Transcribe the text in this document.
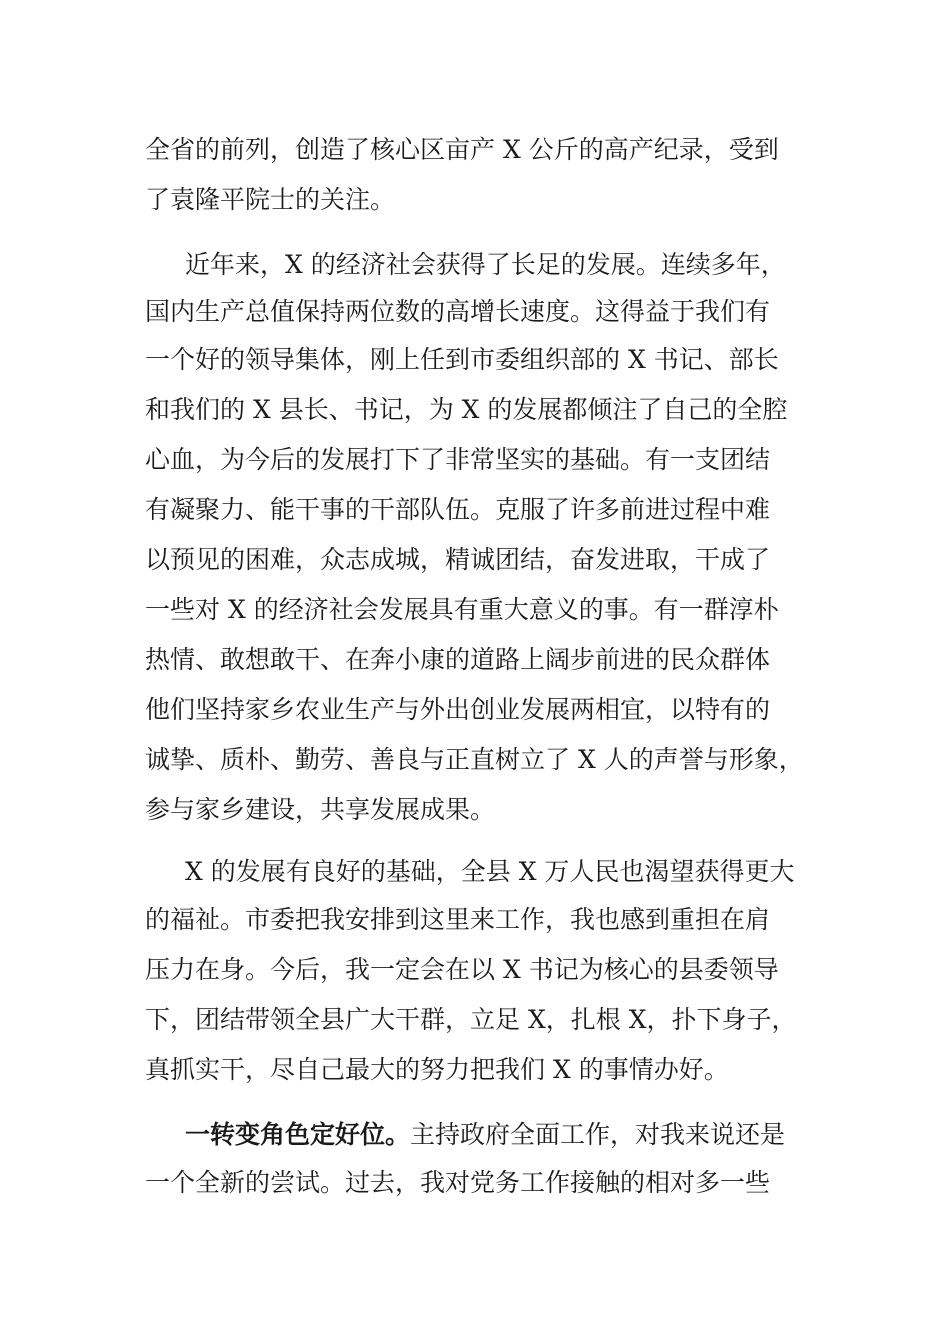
全省的前列，创造了核心区亩产 X 公斤的高产纪录，受到
了袁隆平院士的关注。
近年来，X 的经济社会获得了长足的发展。连续多年，
国内生产总值保持两位数的高增长速度。这得益于我们有
一个好的领导集体，刚上任到市委组织部的 X 书记、部长
和我们的 X 县长、书记，为 X 的发展都倾注了自己的全腔
心血，为今后的发展打下了非常坚实的基础。有一支团结
有凝聚力、能干事的干部队伍。克服了许多前进过程中难
以预见的困难，众志成城，精诚团结，奋发进取，干成了
一些对 X 的经济社会发展具有重大意义的事。有一群淳朴
热情、敢想敢干、在奔小康的道路上阔步前进的民众群体
他们坚持家乡农业生产与外出创业发展两相宜，以特有的
诚挚、质朴、勤劳、善良与正直树立了 X 人的声誉与形象，
参与家乡建设，共享发展成果。
X 的发展有良好的基础，全县 X 万人民也渴望获得更大
的福祉。市委把我安排到这里来工作，我也感到重担在肩
压力在身。今后，我一定会在以 X 书记为核心的县委领导
下，团结带领全县广大干群，立足 X，扎根 X，扑下身子，
真抓实干，尽自己最大的努力把我们 X 的事情办好。
一转变角色定好位。主持政府全面工作，对我来说还是
一个全新的尝试。过去，我对党务工作接触的相对多一些
